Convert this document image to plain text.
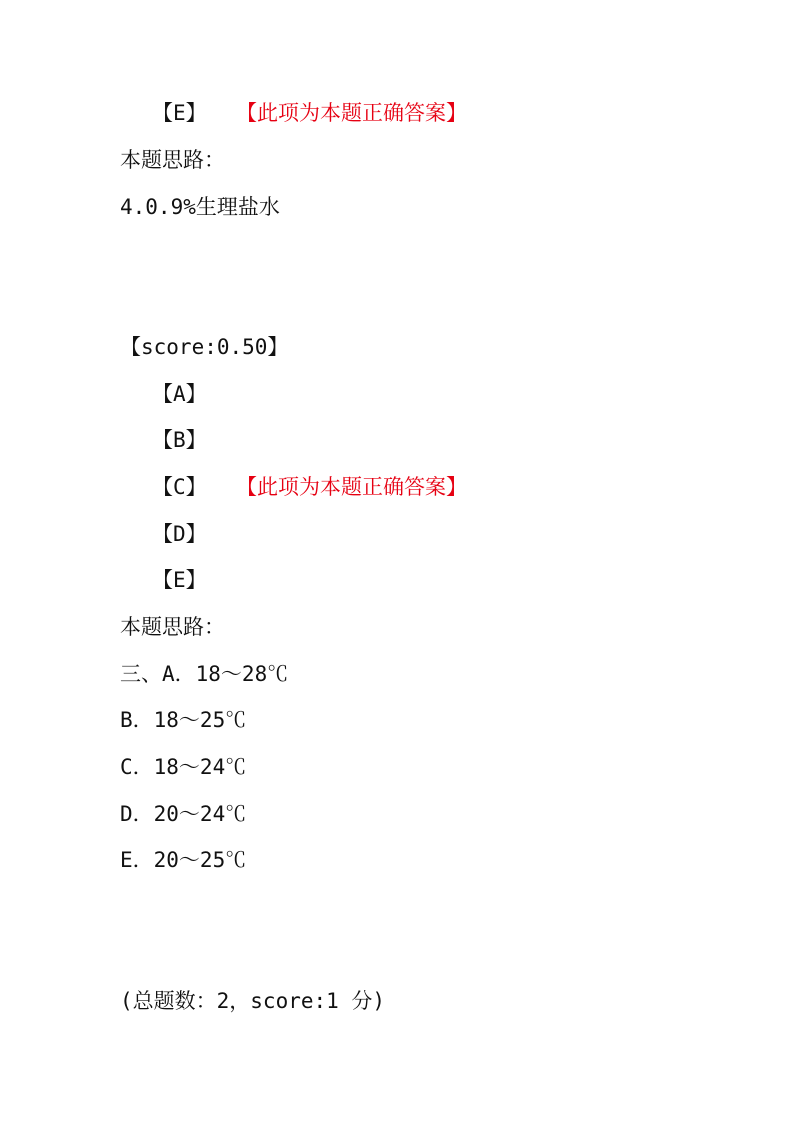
【E】 【此项为本题正确答案】
本题思路：
4.0.9%生理盐水
【score:0.50】
【A】
【B】
【C】 【此项为本题正确答案】
【D】
【E】
本题思路：
三、A．18～28℃
B．18～25℃
C．18～24℃
D．20～24℃
E．20～25℃
(总题数：2，score:1 分)
